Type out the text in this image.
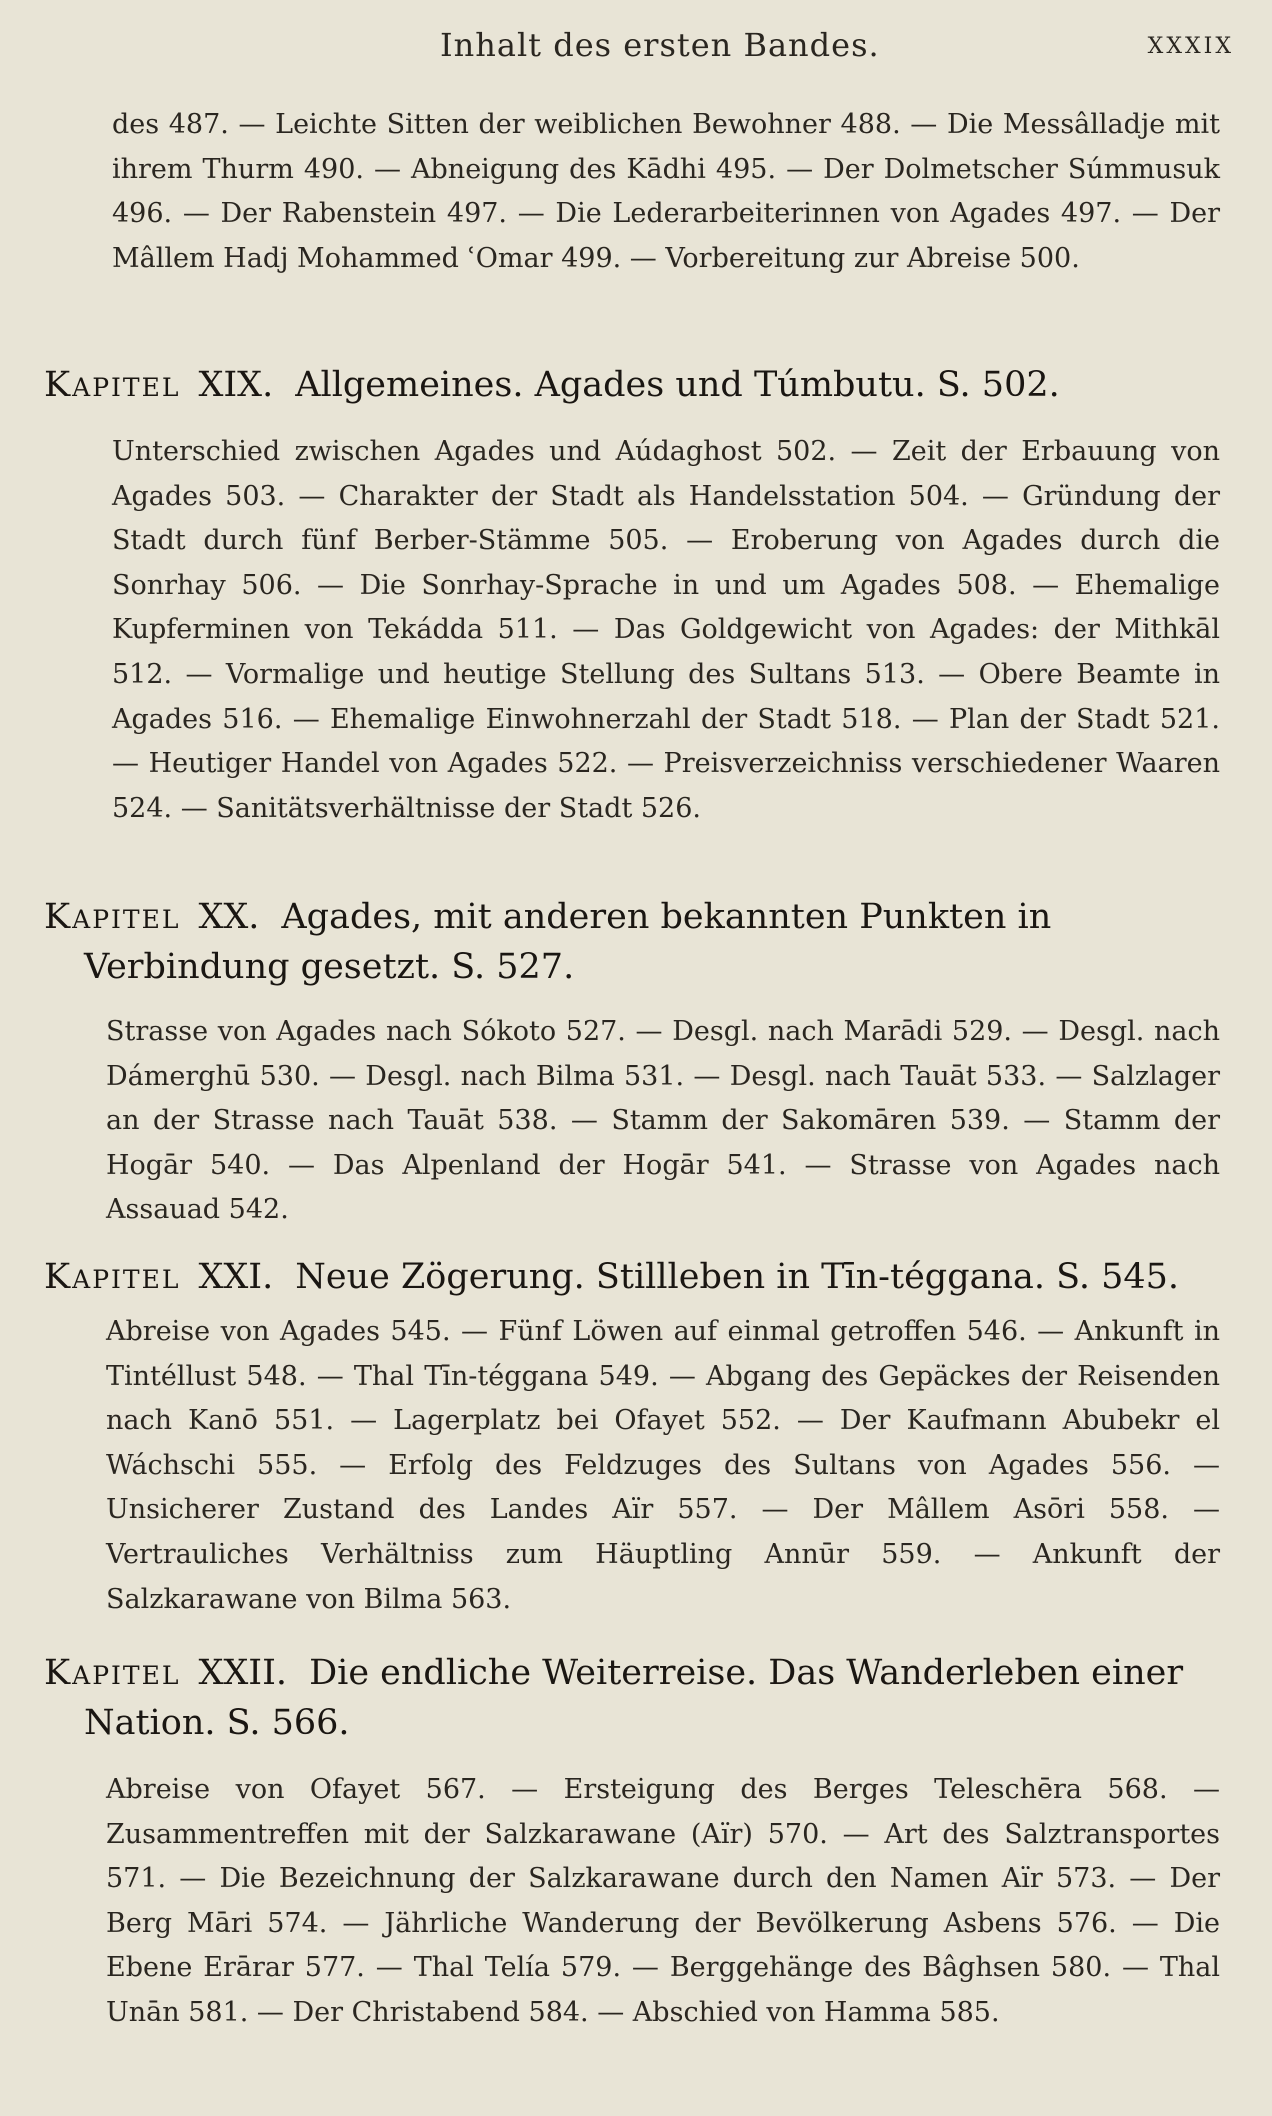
Inhalt des ersten Bandes.	XXXIX

des 487. — Leichte Sitten der weiblichen Bewohner 488. — Die Messâlladje mit ihrem Thurm 490. — Abneigung des Kādhi 495. — Der Dolmetscher Súmmusuk 496. — Der Rabenstein 497. — Die Lederarbeiterinnen von Agades 497. — Der Mâllem Hadj Mohammed ʿOmar 499. — Vorbereitung zur Abreise 500.

Kapitel XIX. Allgemeines. Agades und Túmbutu. S. 502.

Unterschied zwischen Agades und Aúdaghost 502. — Zeit der Erbauung von Agades 503. — Charakter der Stadt als Handelsstation 504. — Gründung der Stadt durch fünf Berber-Stämme 505. — Eroberung von Agades durch die Sonrhay 506. — Die Sonrhay-Sprache in und um Agades 508. — Ehemalige Kupferminen von Tekádda 511. — Das Goldgewicht von Agades: der Mithkāl 512. — Vormalige und heutige Stellung des Sultans 513. — Obere Beamte in Agades 516. — Ehemalige Einwohnerzahl der Stadt 518. — Plan der Stadt 521. — Heutiger Handel von Agades 522. — Preisverzeichniss verschiedener Waaren 524. — Sanitätsverhältnisse der Stadt 526.

Kapitel XX. Agades, mit anderen bekannten Punkten in Verbindung gesetzt. S. 527.

Strasse von Agades nach Sókoto 527. — Desgl. nach Marādi 529. — Desgl. nach Dámerghū 530. — Desgl. nach Bilma 531. — Desgl. nach Tauāt 533. — Salzlager an der Strasse nach Tauāt 538. — Stamm der Sakomāren 539. — Stamm der Hogār 540. — Das Alpenland der Hogār 541. — Strasse von Agades nach Assauad 542.

Kapitel XXI. Neue Zögerung. Stillleben in Tīn-téggana. S. 545.

Abreise von Agades 545. — Fünf Löwen auf einmal getroffen 546. — Ankunft in Tintéllust 548. — Thal Tīn-téggana 549. — Abgang des Gepäckes der Reisenden nach Kanō 551. — Lagerplatz bei Ofayet 552. — Der Kaufmann Abubekr el Wáchschi 555. — Erfolg des Feldzuges des Sultans von Agades 556. — Unsicherer Zustand des Landes Aïr 557. — Der Mâllem Asōri 558. — Vertrauliches Verhältniss zum Häuptling Annūr 559. — Ankunft der Salzkarawane von Bilma 563.

Kapitel XXII. Die endliche Weiterreise. Das Wanderleben einer Nation. S. 566.

Abreise von Ofayet 567. — Ersteigung des Berges Teleschēra 568. — Zusammentreffen mit der Salzkarawane (Aïr) 570. — Art des Salztransportes 571. — Die Bezeichnung der Salzkarawane durch den Namen Aïr 573. — Der Berg Māri 574. — Jährliche Wanderung der Bevölkerung Asbens 576. — Die Ebene Erārar 577. — Thal Telía 579. — Berggehänge des Bâghsen 580. — Thal Unān 581. — Der Christabend 584. — Abschied von Hamma 585.
